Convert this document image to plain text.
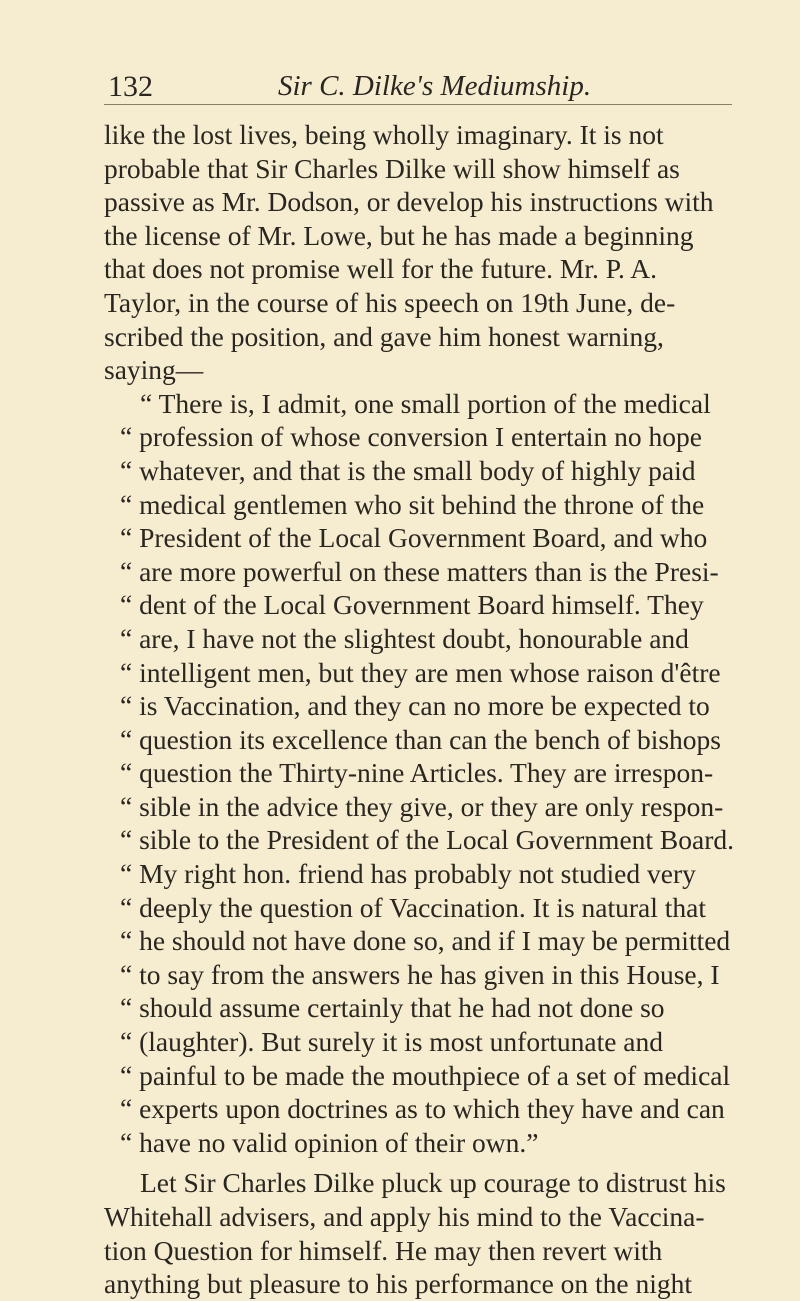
132	Sir C. Dilke's Mediumship.
like the lost lives, being wholly imaginary. It is not
probable that Sir Charles Dilke will show himself as
passive as Mr. Dodson, or develop his instructions with
the license of Mr. Lowe, but he has made a beginning
that does not promise well for the future. Mr. P. A.
Taylor, in the course of his speech on 19th June, de-
scribed the position, and gave him honest warning,
saying—
“ There is, I admit, one small portion of the medical
“ profession of whose conversion I entertain no hope
“ whatever, and that is the small body of highly paid
“ medical gentlemen who sit behind the throne of the
“ President of the Local Government Board, and who
“ are more powerful on these matters than is the Presi-
“ dent of the Local Government Board himself. They
“ are, I have not the slightest doubt, honourable and
“ intelligent men, but they are men whose raison d'être
“ is Vaccination, and they can no more be expected to
“ question its excellence than can the bench of bishops
“ question the Thirty-nine Articles. They are irrespon-
“ sible in the advice they give, or they are only respon-
“ sible to the President of the Local Government Board.
“ My right hon. friend has probably not studied very
“ deeply the question of Vaccination. It is natural that
“ he should not have done so, and if I may be permitted
“ to say from the answers he has given in this House, I
“ should assume certainly that he had not done so
“ (laughter). But surely it is most unfortunate and
“ painful to be made the mouthpiece of a set of medical
“ experts upon doctrines as to which they have and can
“ have no valid opinion of their own.”
Let Sir Charles Dilke pluck up courage to distrust his
Whitehall advisers, and apply his mind to the Vaccina-
tion Question for himself. He may then revert with
anything but pleasure to his performance on the night
